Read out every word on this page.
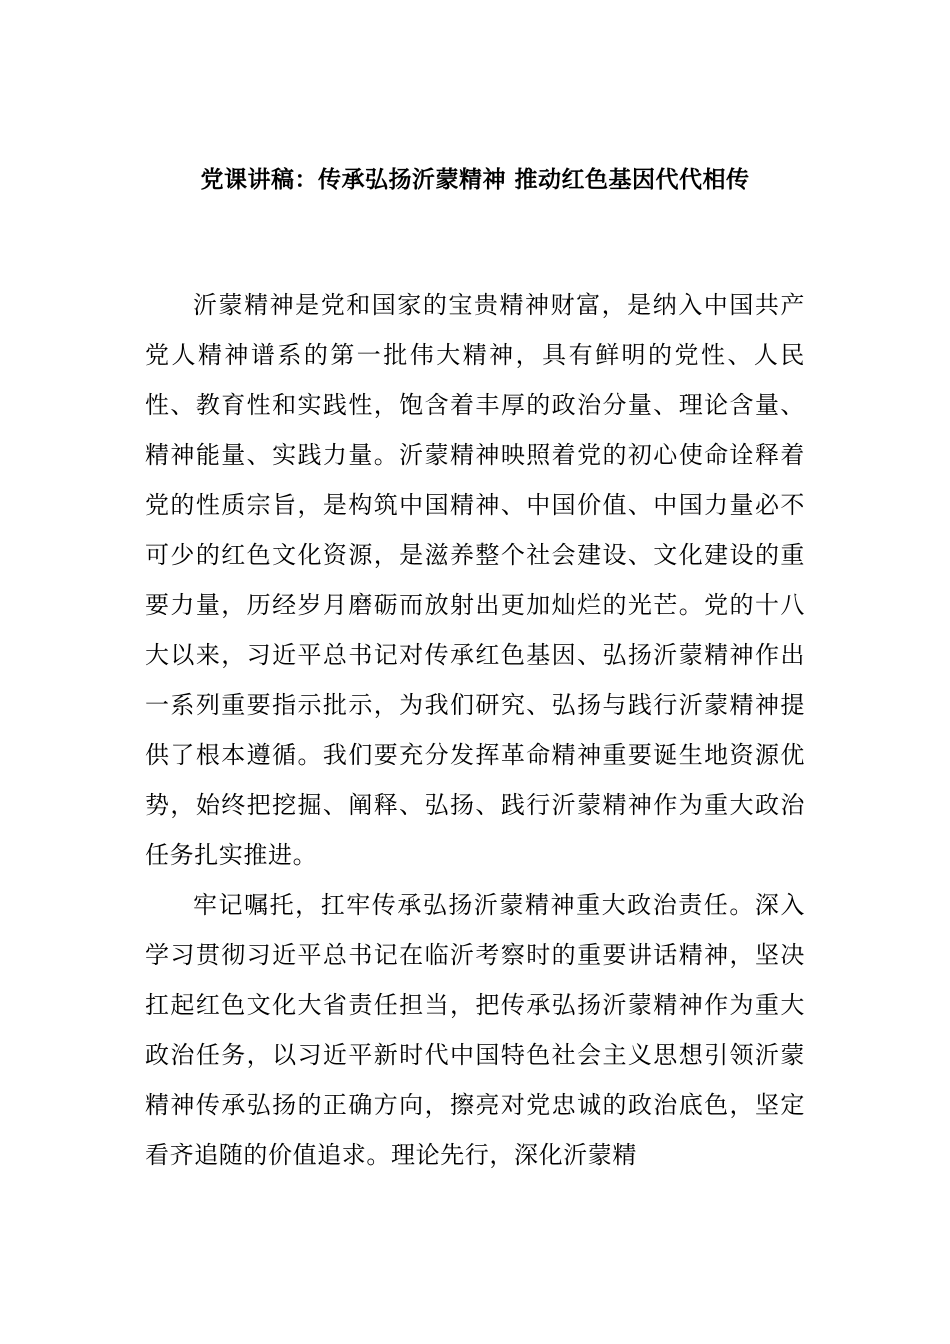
党课讲稿：传承弘扬沂蒙精神 推动红色基因代代相传

沂蒙精神是党和国家的宝贵精神财富，是纳入中国共产党人精神谱系的第一批伟大精神，具有鲜明的党性、人民性、教育性和实践性，饱含着丰厚的政治分量、理论含量、精神能量、实践力量。沂蒙精神映照着党的初心使命诠释着党的性质宗旨，是构筑中国精神、中国价值、中国力量必不可少的红色文化资源，是滋养整个社会建设、文化建设的重要力量，历经岁月磨砺而放射出更加灿烂的光芒。党的十八大以来，习近平总书记对传承红色基因、弘扬沂蒙精神作出一系列重要指示批示，为我们研究、弘扬与践行沂蒙精神提供了根本遵循。我们要充分发挥革命精神重要诞生地资源优势，始终把挖掘、阐释、弘扬、践行沂蒙精神作为重大政治任务扎实推进。

牢记嘱托，扛牢传承弘扬沂蒙精神重大政治责任。深入学习贯彻习近平总书记在临沂考察时的重要讲话精神，坚决扛起红色文化大省责任担当，把传承弘扬沂蒙精神作为重大政治任务，以习近平新时代中国特色社会主义思想引领沂蒙精神传承弘扬的正确方向，擦亮对党忠诚的政治底色，坚定看齐追随的价值追求。理论先行，深化沂蒙精
